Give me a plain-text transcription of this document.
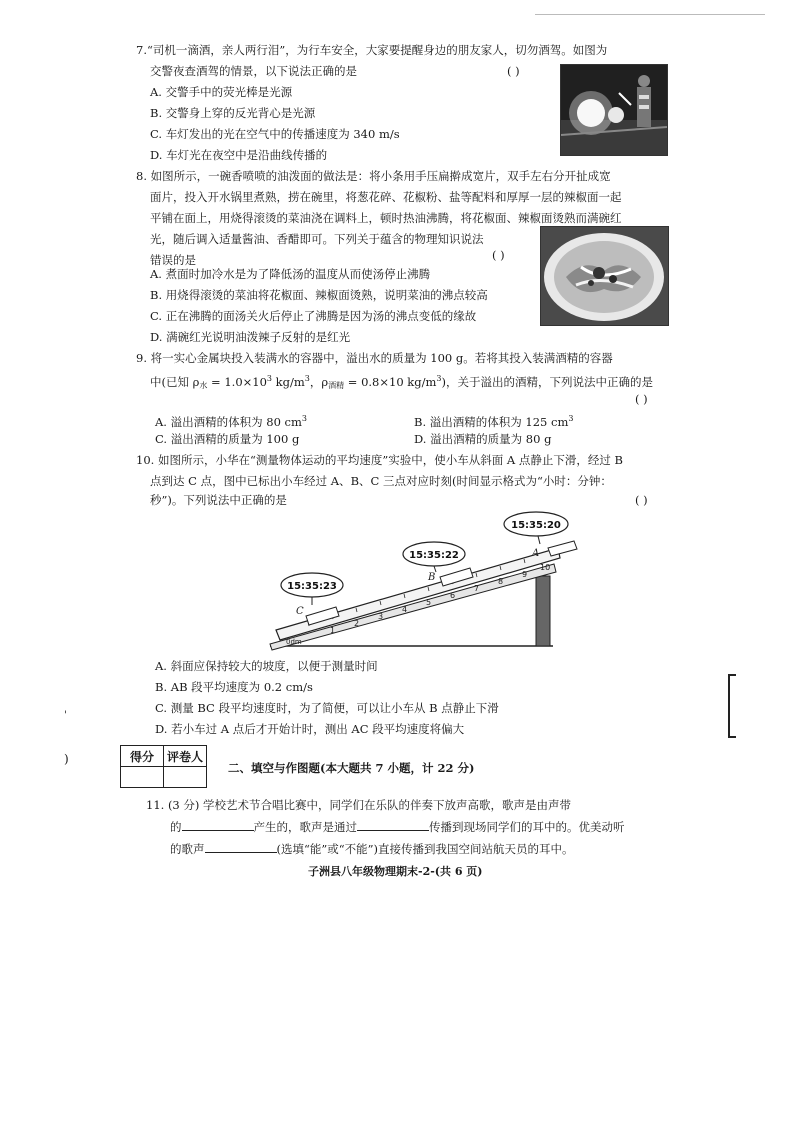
7.“司机一滴酒，亲人两行泪”，为行车安全，大家要提醒身边的朋友家人，切勿酒驾。如图为
交警夜查酒驾的情景，以下说法正确的是	( )
A. 交警手中的荧光棒是光源
B. 交警身上穿的反光背心是光源
C. 车灯发出的光在空气中的传播速度为 340 m/s
D. 车灯光在夜空中是沿曲线传播的
8. 如图所示，一碗香喷喷的油泼面的做法是：将小条用手压扁擀成宽片，双手左右分开扯成宽
面片，投入开水锅里煮熟，捞在碗里，将葱花碎、花椒粉、盐等配料和厚厚一层的辣椒面一起
平铺在面上，用烧得滚烫的菜油浇在调料上，顿时热油沸腾，将花椒面、辣椒面烫熟而满碗红
光，随后调入适量酱油、香醋即可。下列关于蕴含的物理知识说法
错误的是	( )
A. 煮面时加冷水是为了降低汤的温度从而使汤停止沸腾
B. 用烧得滚烫的菜油将花椒面、辣椒面烫熟，说明菜油的沸点较高
C. 正在沸腾的面汤关火后停止了沸腾是因为汤的沸点变低的缘故
D. 满碗红光说明油泼辣子反射的是红光
9. 将一实心金属块投入装满水的容器中，溢出水的质量为 100 g。若将其投入装满酒精的容器
中(已知 $\rho_水 = 1.0\times 10^3$ $kg/m^3$，$\rho_{酒精} = 0.8\times 10$ $kg/m^3$)，关于溢出的酒精，下列说法中正确的是
( )
A. 溢出酒精的体积为 80 $cm^3$	B. 溢出酒精的体积为 125 $cm^3$
C. 溢出酒精的质量为 100 g	D. 溢出酒精的质量为 80 g
10. 如图所示，小华在“测量物体运动的平均速度”实验中，使小车从斜面 A 点静止下滑，经过 B
点到达 C 点，图中已标出小车经过 A、B、C 三点对应时刻(时间显示格式为“小时：分钟：
秒”)。下列说法中正确的是	( )
0dm
1
2
3
4
5
6
7
8
9
10
C
B
A
15:35:23
15:35:22
15:35:20
A. 斜面应保持较大的坡度，以便于测量时间
B. AB 段平均速度为 0.2 cm/s
C. 测量 BC 段平均速度时，为了简便，可以让小车从 B 点静止下滑
D. 若小车过 A 点后才开始计时，测出 AC 段平均速度将偏大
'
)	得分	评卷人

二、填空与作图题(本大题共 7 小题，计 22 分)
11. (3 分) 学校艺术节合唱比赛中，同学们在乐队的伴奏下放声高歌，歌声是由声带
的	产生的，歌声是通过	传播到现场同学们的耳中的。优美动听
的歌声	(选填“能”或“不能”)直接传播到我国空间站航天员的耳中。
子洲县八年级物理期末-2-(共 6 页)
